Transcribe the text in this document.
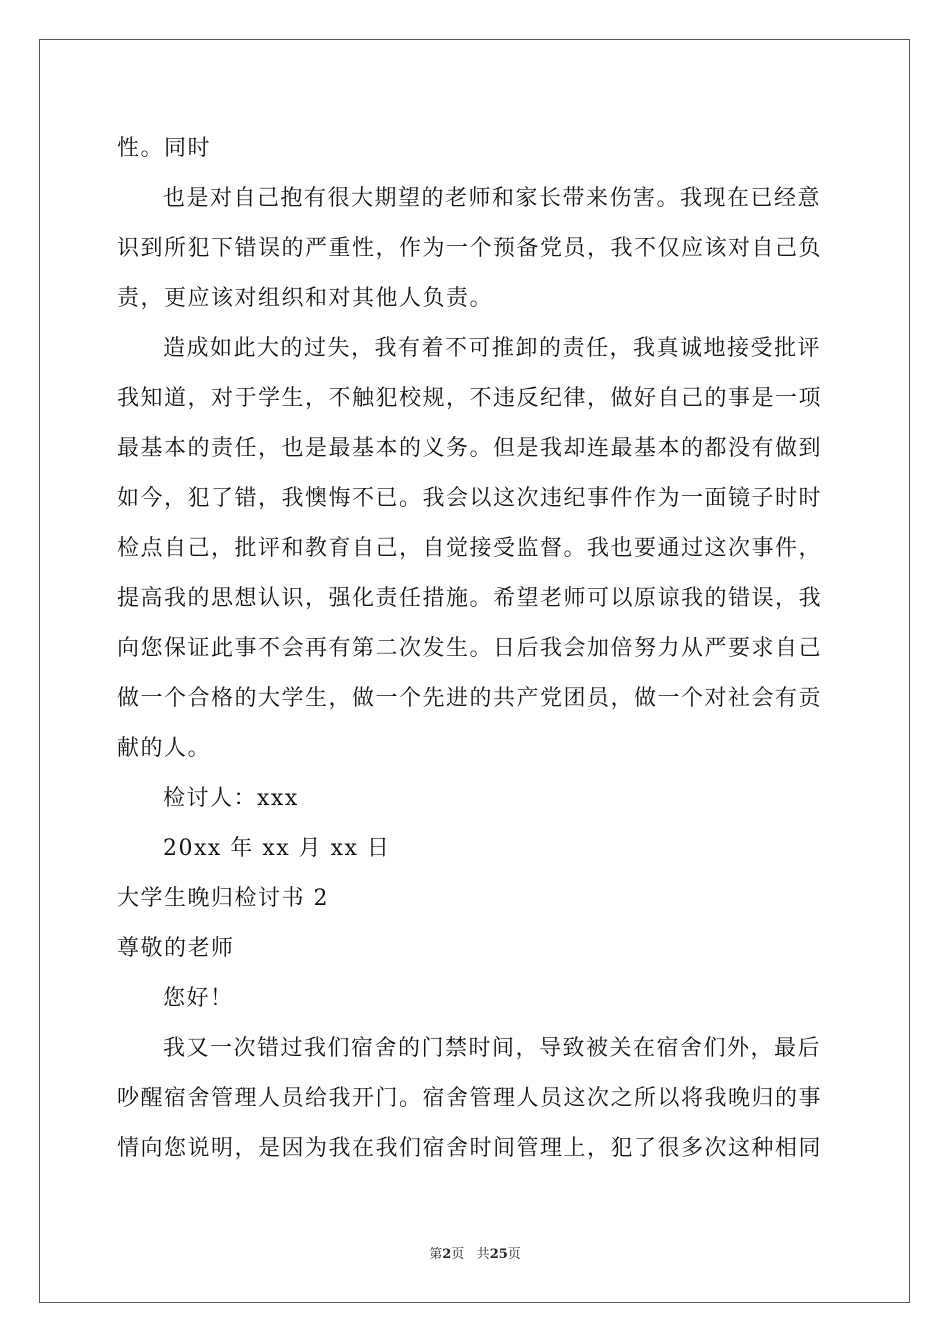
性。同时
也是对自己抱有很大期望的老师和家长带来伤害。我现在已经意
识到所犯下错误的严重性，作为一个预备党员，我不仅应该对自己负
责，更应该对组织和对其他人负责。
造成如此大的过失，我有着不可推卸的责任，我真诚地接受批评
我知道，对于学生，不触犯校规，不违反纪律，做好自己的事是一项
最基本的责任，也是最基本的义务。但是我却连最基本的都没有做到
如今，犯了错，我懊悔不已。我会以这次违纪事件作为一面镜子时时
检点自己，批评和教育自己，自觉接受监督。我也要通过这次事件，
提高我的思想认识，强化责任措施。希望老师可以原谅我的错误，我
向您保证此事不会再有第二次发生。日后我会加倍努力从严要求自己
做一个合格的大学生，做一个先进的共产党团员，做一个对社会有贡
献的人。
检讨人：xxx
20xx 年 xx 月 xx 日
大学生晚归检讨书 2
尊敬的老师
您好！
我又一次错过我们宿舍的门禁时间，导致被关在宿舍们外，最后
吵醒宿舍管理人员给我开门。宿舍管理人员这次之所以将我晚归的事
情向您说明，是因为我在我们宿舍时间管理上，犯了很多次这种相同
第2页 共25页
